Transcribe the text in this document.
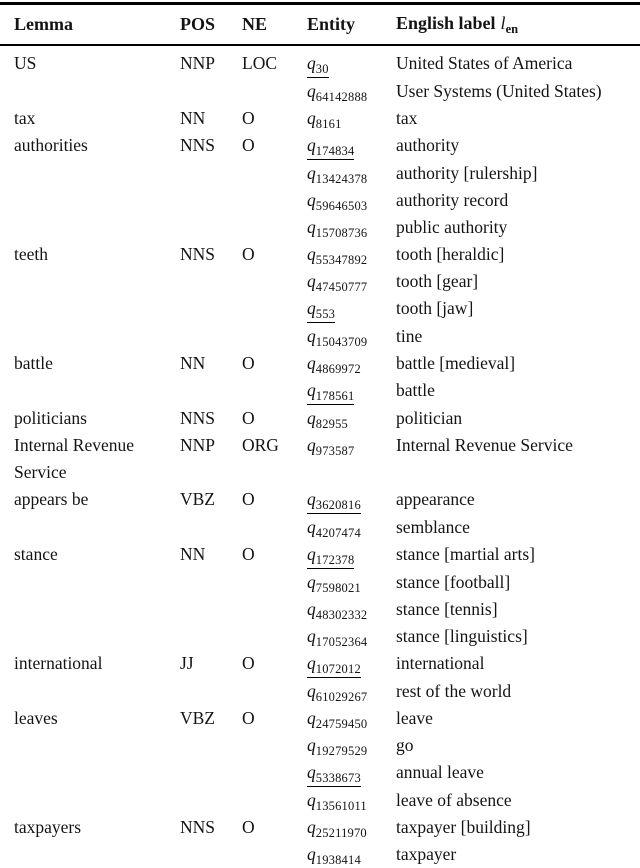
Lemma	POS	NE	Entity	English label $l_{en}$
US	NNP	LOC	$q_{30}$	United States of America
			$q_{64142888}$	User Systems (United States)
tax	NN	O	$q_{8161}$	tax
authorities	NNS	O	$q_{174834}$	authority
			$q_{13424378}$	authority [rulership]
			$q_{59646503}$	authority record
			$q_{15708736}$	public authority
teeth	NNS	O	$q_{55347892}$	tooth [heraldic]
			$q_{47450777}$	tooth [gear]
			$q_{553}$	tooth [jaw]
			$q_{15043709}$	tine
battle	NN	O	$q_{4869972}$	battle [medieval]
			$q_{178561}$	battle
politicians	NNS	O	$q_{82955}$	politician
Internal Revenue Service	NNP	ORG	$q_{973587}$	Internal Revenue Service
appears be	VBZ	O	$q_{3620816}$	appearance
			$q_{4207474}$	semblance
stance	NN	O	$q_{172378}$	stance [martial arts]
			$q_{7598021}$	stance [football]
			$q_{48302332}$	stance [tennis]
			$q_{17052364}$	stance [linguistics]
international	JJ	O	$q_{1072012}$	international
			$q_{61029267}$	rest of the world
leaves	VBZ	O	$q_{24759450}$	leave
			$q_{19279529}$	go
			$q_{5338673}$	annual leave
			$q_{13561011}$	leave of absence
taxpayers	NNS	O	$q_{25211970}$	taxpayer [building]
			$q_{1938414}$	taxpayer
